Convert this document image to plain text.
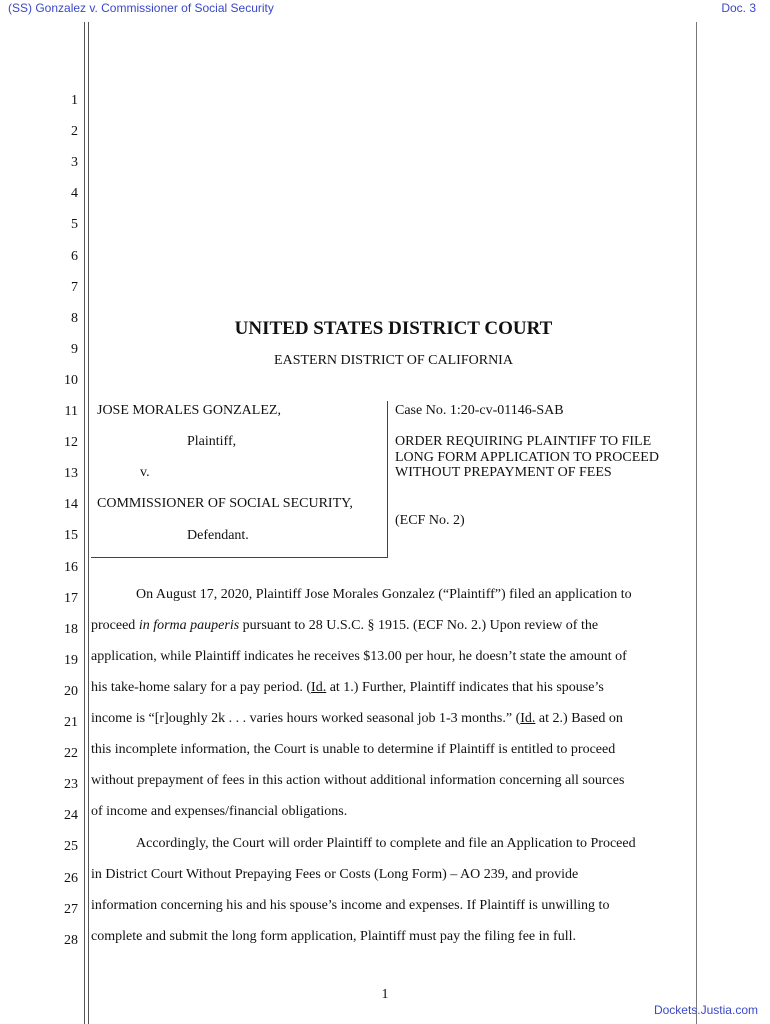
(SS) Gonzalez v. Commissioner of Social Security	Doc. 3
1
2
3
4
5
6
7
8
9
10
11
12
13
14
15
16
17
18
19
20
21
22
23
24
25
26
27
28
UNITED STATES DISTRICT COURT
EASTERN DISTRICT OF CALIFORNIA
JOSE MORALES GONZALEZ,
Plaintiff,
v.
COMMISSIONER OF SOCIAL SECURITY,
Defendant.
Case No. 1:20-cv-01146-SAB
ORDER REQUIRING PLAINTIFF TO FILE LONG FORM APPLICATION TO PROCEED WITHOUT PREPAYMENT OF FEES
(ECF No. 2)
On August 17, 2020, Plaintiff Jose Morales Gonzalez (“Plaintiff”) filed an application to
proceed in forma pauperis pursuant to 28 U.S.C. § 1915. (ECF No. 2.) Upon review of the
application, while Plaintiff indicates he receives $13.00 per hour, he doesn’t state the amount of
his take-home salary for a pay period. (Id. at 1.) Further, Plaintiff indicates that his spouse’s
income is “[r]oughly 2k . . . varies hours worked seasonal job 1-3 months.” (Id. at 2.) Based on
this incomplete information, the Court is unable to determine if Plaintiff is entitled to proceed
without prepayment of fees in this action without additional information concerning all sources
of income and expenses/financial obligations.
Accordingly, the Court will order Plaintiff to complete and file an Application to Proceed
in District Court Without Prepaying Fees or Costs (Long Form) – AO 239, and provide
information concerning his and his spouse’s income and expenses. If Plaintiff is unwilling to
complete and submit the long form application, Plaintiff must pay the filing fee in full.
1
Dockets.Justia.com
